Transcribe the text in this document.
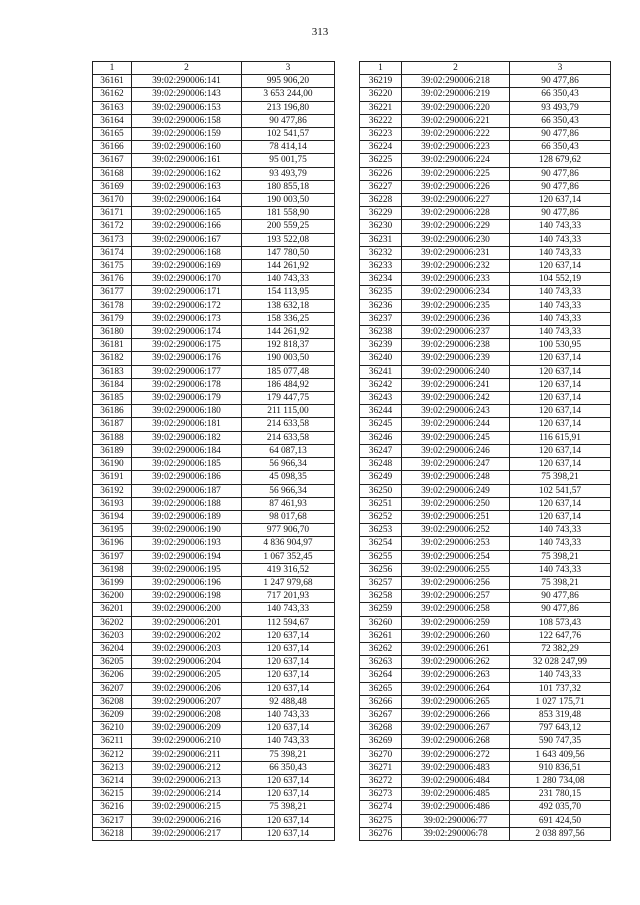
313
1	2	3
36161	39:02:290006:141	995 906,20
36162	39:02:290006:143	3 653 244,00
36163	39:02:290006:153	213 196,80
36164	39:02:290006:158	90 477,86
36165	39:02:290006:159	102 541,57
36166	39:02:290006:160	78 414,14
36167	39:02:290006:161	95 001,75
36168	39:02:290006:162	93 493,79
36169	39:02:290006:163	180 855,18
36170	39:02:290006:164	190 003,50
36171	39:02:290006:165	181 558,90
36172	39:02:290006:166	200 559,25
36173	39:02:290006:167	193 522,08
36174	39:02:290006:168	147 780,50
36175	39:02:290006:169	144 261,92
36176	39:02:290006:170	140 743,33
36177	39:02:290006:171	154 113,95
36178	39:02:290006:172	138 632,18
36179	39:02:290006:173	158 336,25
36180	39:02:290006:174	144 261,92
36181	39:02:290006:175	192 818,37
36182	39:02:290006:176	190 003,50
36183	39:02:290006:177	185 077,48
36184	39:02:290006:178	186 484,92
36185	39:02:290006:179	179 447,75
36186	39:02:290006:180	211 115,00
36187	39:02:290006:181	214 633,58
36188	39:02:290006:182	214 633,58
36189	39:02:290006:184	64 087,13
36190	39:02:290006:185	56 966,34
36191	39:02:290006:186	45 098,35
36192	39:02:290006:187	56 966,34
36193	39:02:290006:188	87 461,93
36194	39:02:290006:189	98 017,68
36195	39:02:290006:190	977 906,70
36196	39:02:290006:193	4 836 904,97
36197	39:02:290006:194	1 067 352,45
36198	39:02:290006:195	419 316,52
36199	39:02:290006:196	1 247 979,68
36200	39:02:290006:198	717 201,93
36201	39:02:290006:200	140 743,33
36202	39:02:290006:201	112 594,67
36203	39:02:290006:202	120 637,14
36204	39:02:290006:203	120 637,14
36205	39:02:290006:204	120 637,14
36206	39:02:290006:205	120 637,14
36207	39:02:290006:206	120 637,14
36208	39:02:290006:207	92 488,48
36209	39:02:290006:208	140 743,33
36210	39:02:290006:209	120 637,14
36211	39:02:290006:210	140 743,33
36212	39:02:290006:211	75 398,21
36213	39:02:290006:212	66 350,43
36214	39:02:290006:213	120 637,14
36215	39:02:290006:214	120 637,14
36216	39:02:290006:215	75 398,21
36217	39:02:290006:216	120 637,14
36218	39:02:290006:217	120 637,14
1	2	3
36219	39:02:290006:218	90 477,86
36220	39:02:290006:219	66 350,43
36221	39:02:290006:220	93 493,79
36222	39:02:290006:221	66 350,43
36223	39:02:290006:222	90 477,86
36224	39:02:290006:223	66 350,43
36225	39:02:290006:224	128 679,62
36226	39:02:290006:225	90 477,86
36227	39:02:290006:226	90 477,86
36228	39:02:290006:227	120 637,14
36229	39:02:290006:228	90 477,86
36230	39:02:290006:229	140 743,33
36231	39:02:290006:230	140 743,33
36232	39:02:290006:231	140 743,33
36233	39:02:290006:232	120 637,14
36234	39:02:290006:233	104 552,19
36235	39:02:290006:234	140 743,33
36236	39:02:290006:235	140 743,33
36237	39:02:290006:236	140 743,33
36238	39:02:290006:237	140 743,33
36239	39:02:290006:238	100 530,95
36240	39:02:290006:239	120 637,14
36241	39:02:290006:240	120 637,14
36242	39:02:290006:241	120 637,14
36243	39:02:290006:242	120 637,14
36244	39:02:290006:243	120 637,14
36245	39:02:290006:244	120 637,14
36246	39:02:290006:245	116 615,91
36247	39:02:290006:246	120 637,14
36248	39:02:290006:247	120 637,14
36249	39:02:290006:248	75 398,21
36250	39:02:290006:249	102 541,57
36251	39:02:290006:250	120 637,14
36252	39:02:290006:251	120 637,14
36253	39:02:290006:252	140 743,33
36254	39:02:290006:253	140 743,33
36255	39:02:290006:254	75 398,21
36256	39:02:290006:255	140 743,33
36257	39:02:290006:256	75 398,21
36258	39:02:290006:257	90 477,86
36259	39:02:290006:258	90 477,86
36260	39:02:290006:259	108 573,43
36261	39:02:290006:260	122 647,76
36262	39:02:290006:261	72 382,29
36263	39:02:290006:262	32 028 247,99
36264	39:02:290006:263	140 743,33
36265	39:02:290006:264	101 737,32
36266	39:02:290006:265	1 027 175,71
36267	39:02:290006:266	853 319,48
36268	39:02:290006:267	797 643,12
36269	39:02:290006:268	590 747,35
36270	39:02:290006:272	1 643 409,56
36271	39:02:290006:483	910 836,51
36272	39:02:290006:484	1 280 734,08
36273	39:02:290006:485	231 780,15
36274	39:02:290006:486	492 035,70
36275	39:02:290006:77	691 424,50
36276	39:02:290006:78	2 038 897,56
